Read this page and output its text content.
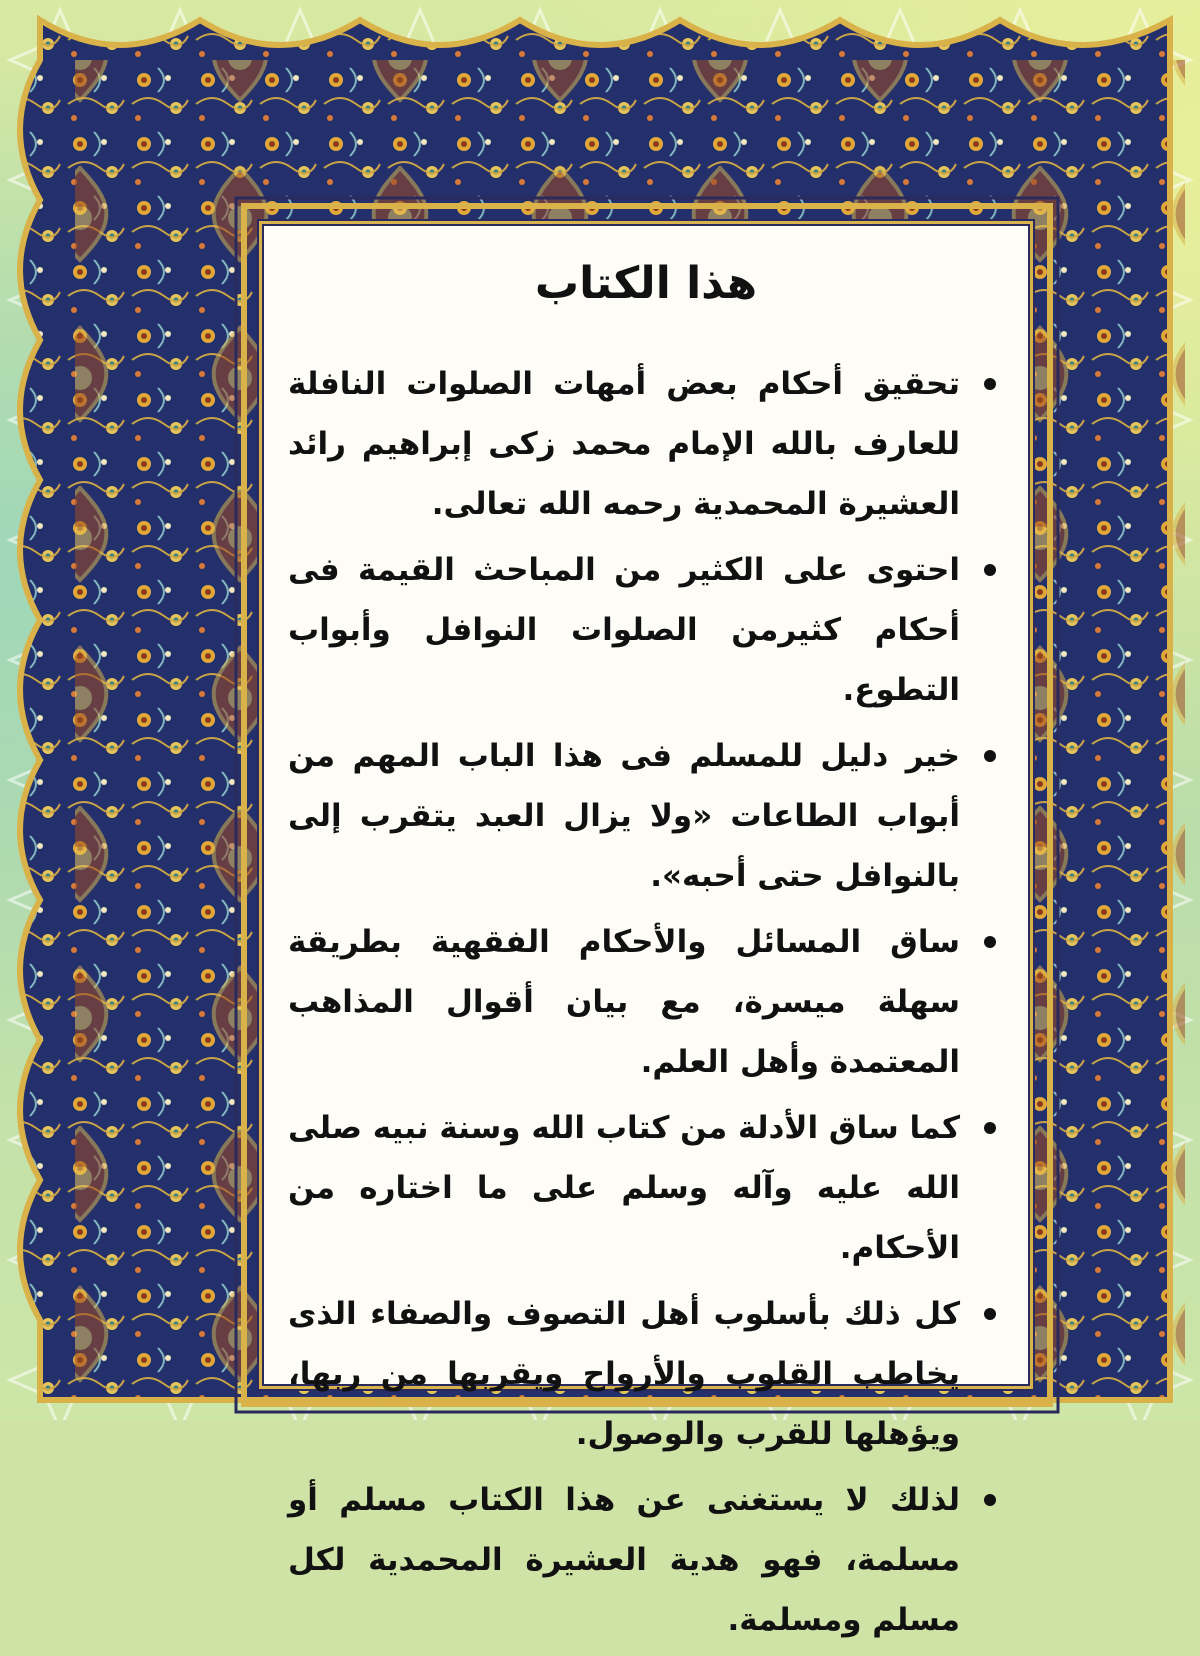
هذا الكتاب
تحقيق أحكام بعض أمهات الصلوات النافلة للعارف بالله الإمام محمد زكى إبراهيم رائد العشيرة المحمدية رحمه الله تعالى.
احتوى على الكثير من المباحث القيمة فى أحكام كثيرمن الصلوات النوافل وأبواب التطوع.
خير دليل للمسلم فى هذا الباب المهم من أبواب الطاعات «ولا يزال العبد يتقرب إلى بالنوافل حتى أحبه».
ساق المسائل والأحكام الفقهية بطريقة سهلة ميسرة، مع بيان أقوال المذاهب المعتمدة وأهل العلم.
كما ساق الأدلة من كتاب الله وسنة نبيه صلى الله عليه وآله وسلم على ما اختاره من الأحكام.
كل ذلك بأسلوب أهل التصوف والصفاء الذى يخاطب القلوب والأرواح ويقربها من ربها، ويؤهلها للقرب والوصول.
لذلك لا يستغنى عن هذا الكتاب مسلم أو مسلمة، فهو هدية العشيرة المحمدية لكل مسلم ومسلمة.
